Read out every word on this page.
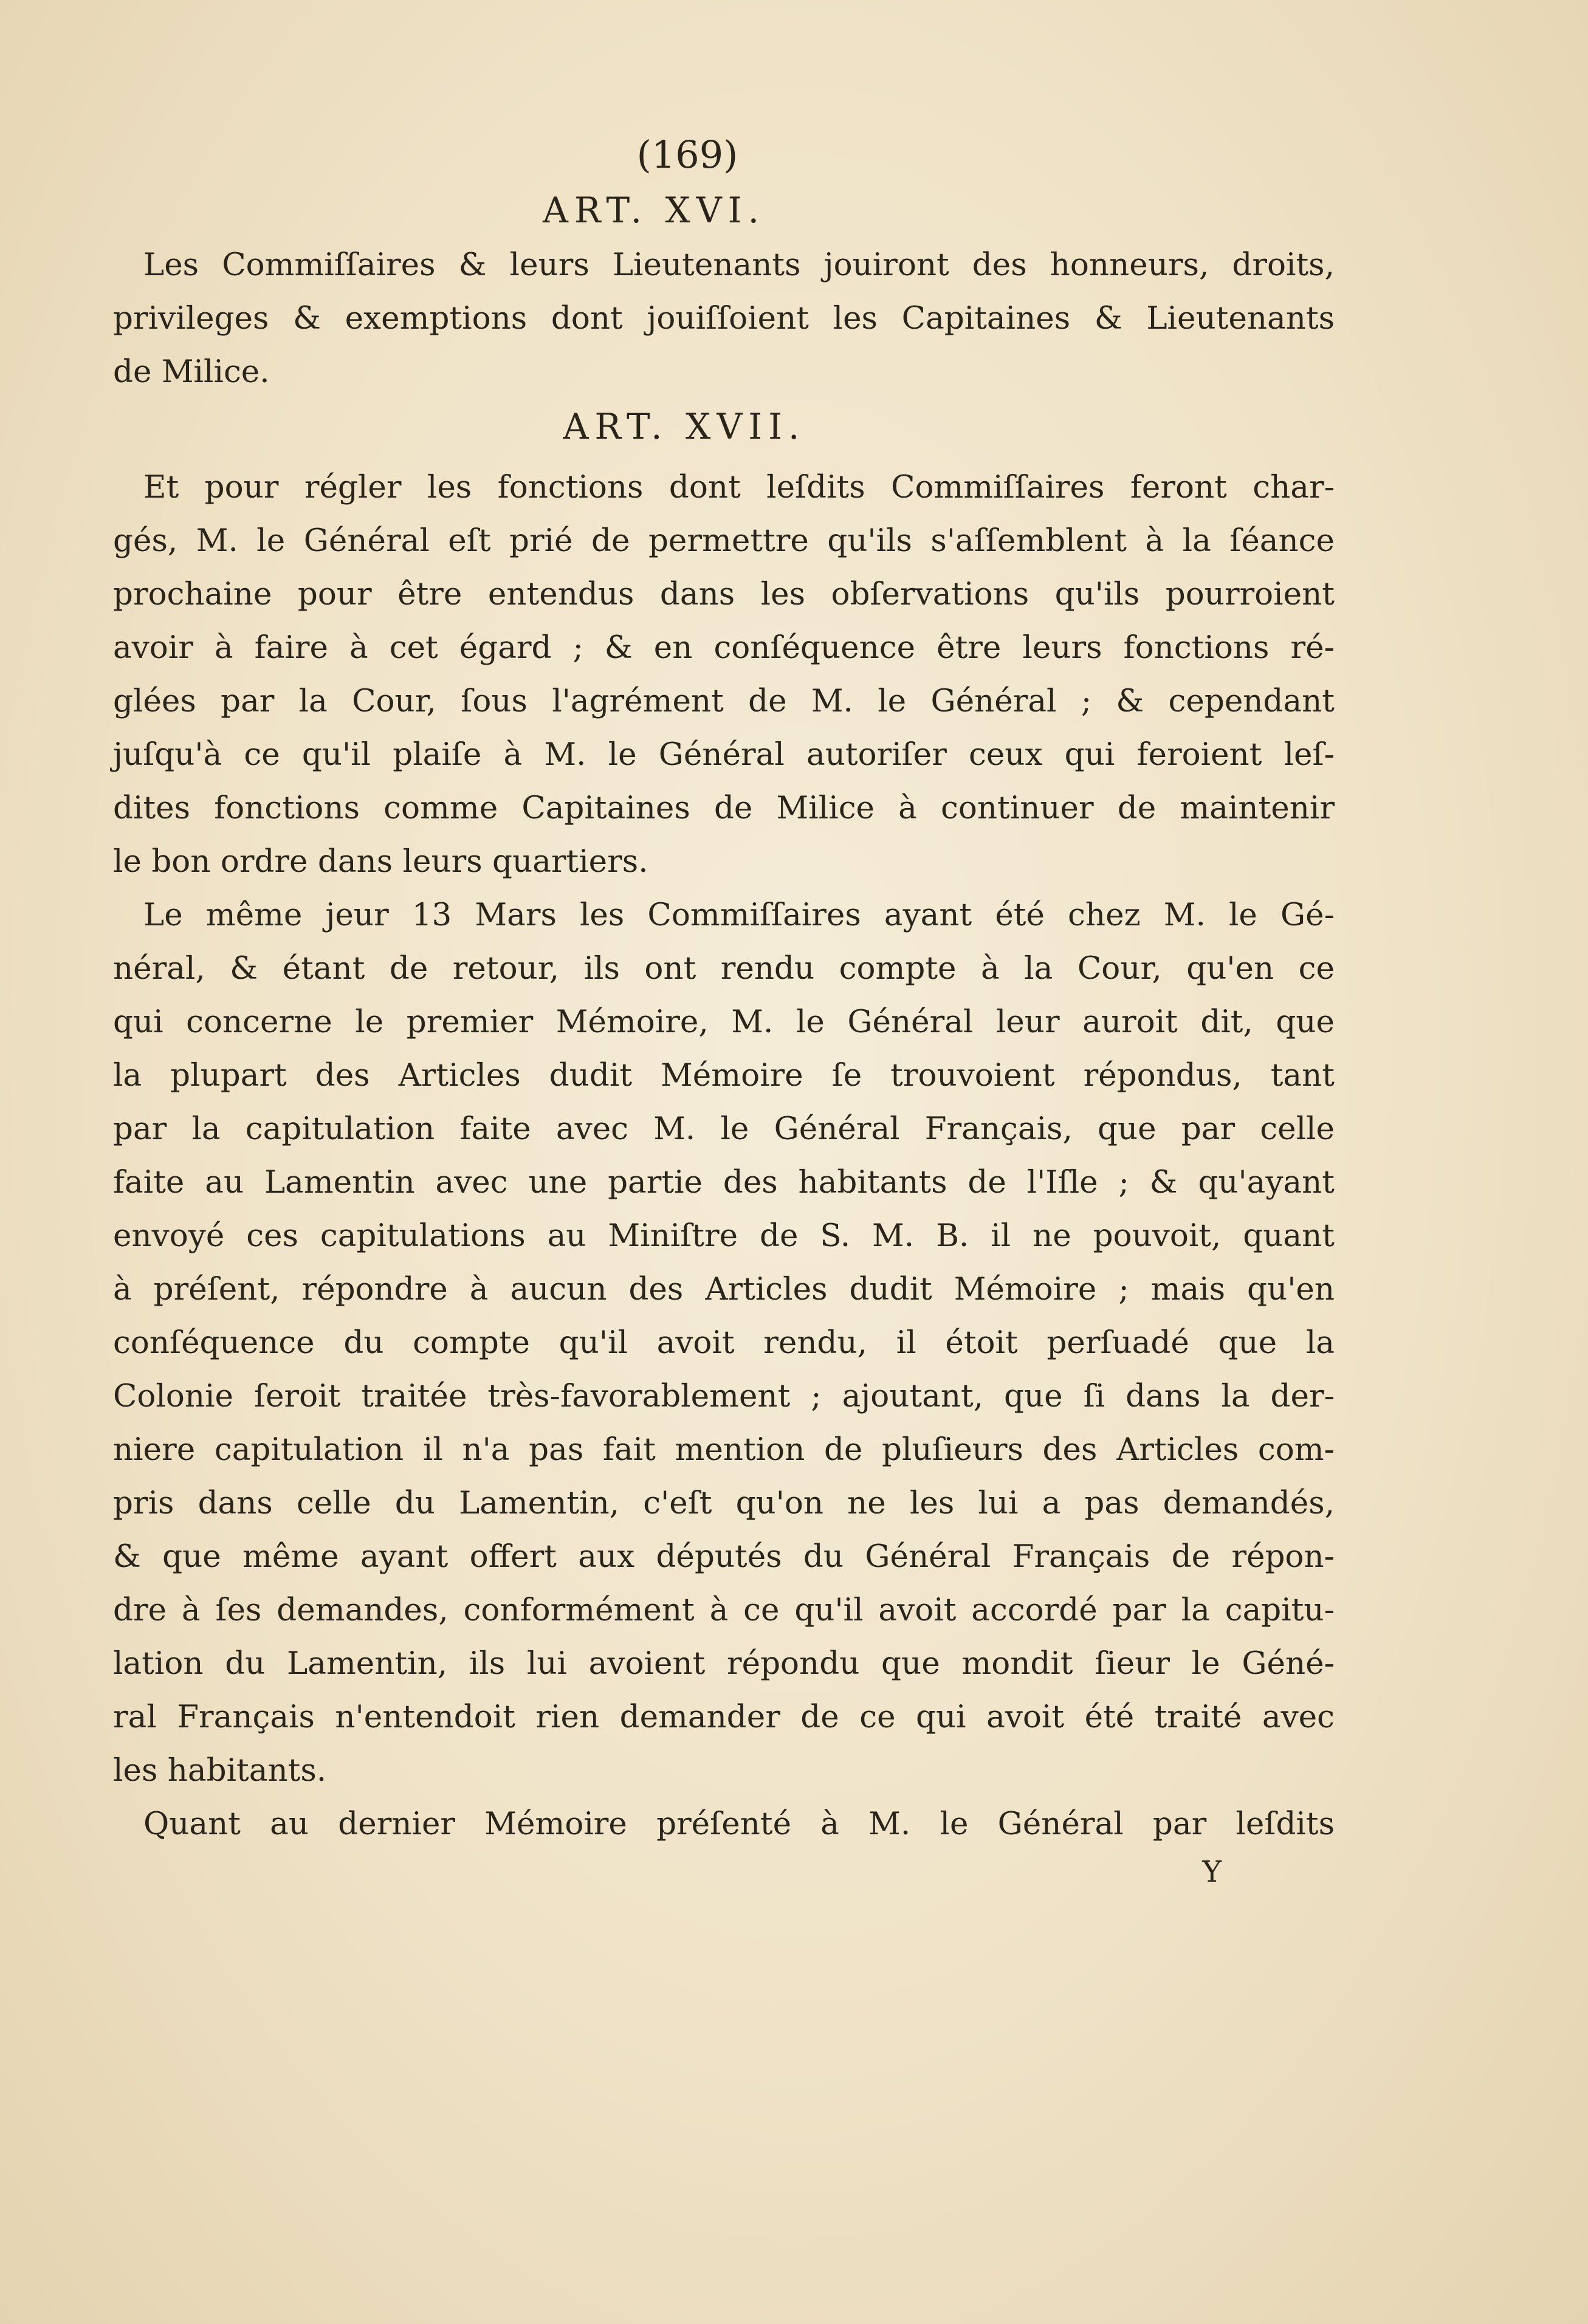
(169)
ART. XVI.
Les Commiſſaires & leurs Lieutenants jouiront des honneurs, droits,
privileges & exemptions dont jouiſſoient les Capitaines & Lieutenants
de Milice.
ART. XVII.
Et pour régler les fonctions dont leſdits Commiſſaires feront char-
gés, M. le Général eſt prié de permettre qu'ils s'aſſemblent à la ſéance
prochaine pour être entendus dans les obſervations qu'ils pourroient
avoir à faire à cet égard ; & en conſéquence être leurs fonctions ré-
glées par la Cour, ſous l'agrément de M. le Général ; & cependant
juſqu'à ce qu'il plaiſe à M. le Général autoriſer ceux qui feroient leſ-
dites fonctions comme Capitaines de Milice à continuer de maintenir
le bon ordre dans leurs quartiers.
Le même jeur 13 Mars les Commiſſaires ayant été chez M. le Gé-
néral, & étant de retour, ils ont rendu compte à la Cour, qu'en ce
qui concerne le premier Mémoire, M. le Général leur auroit dit, que
la plupart des Articles dudit Mémoire ſe trouvoient répondus, tant
par la capitulation faite avec M. le Général Français, que par celle
faite au Lamentin avec une partie des habitants de l'Iſle ; & qu'ayant
envoyé ces capitulations au Miniſtre de S. M. B. il ne pouvoit, quant
à préſent, répondre à aucun des Articles dudit Mémoire ; mais qu'en
conſéquence du compte qu'il avoit rendu, il étoit perſuadé que la
Colonie ſeroit traitée très-favorablement ; ajoutant, que ſi dans la der-
niere capitulation il n'a pas fait mention de pluſieurs des Articles com-
pris dans celle du Lamentin, c'eſt qu'on ne les lui a pas demandés,
& que même ayant offert aux députés du Général Français de répon-
dre à ſes demandes, conformément à ce qu'il avoit accordé par la capitu-
lation du Lamentin, ils lui avoient répondu que mondit ſieur le Géné-
ral Français n'entendoit rien demander de ce qui avoit été traité avec
les habitants.
Quant au dernier Mémoire préſenté à M. le Général par leſdits
Y
